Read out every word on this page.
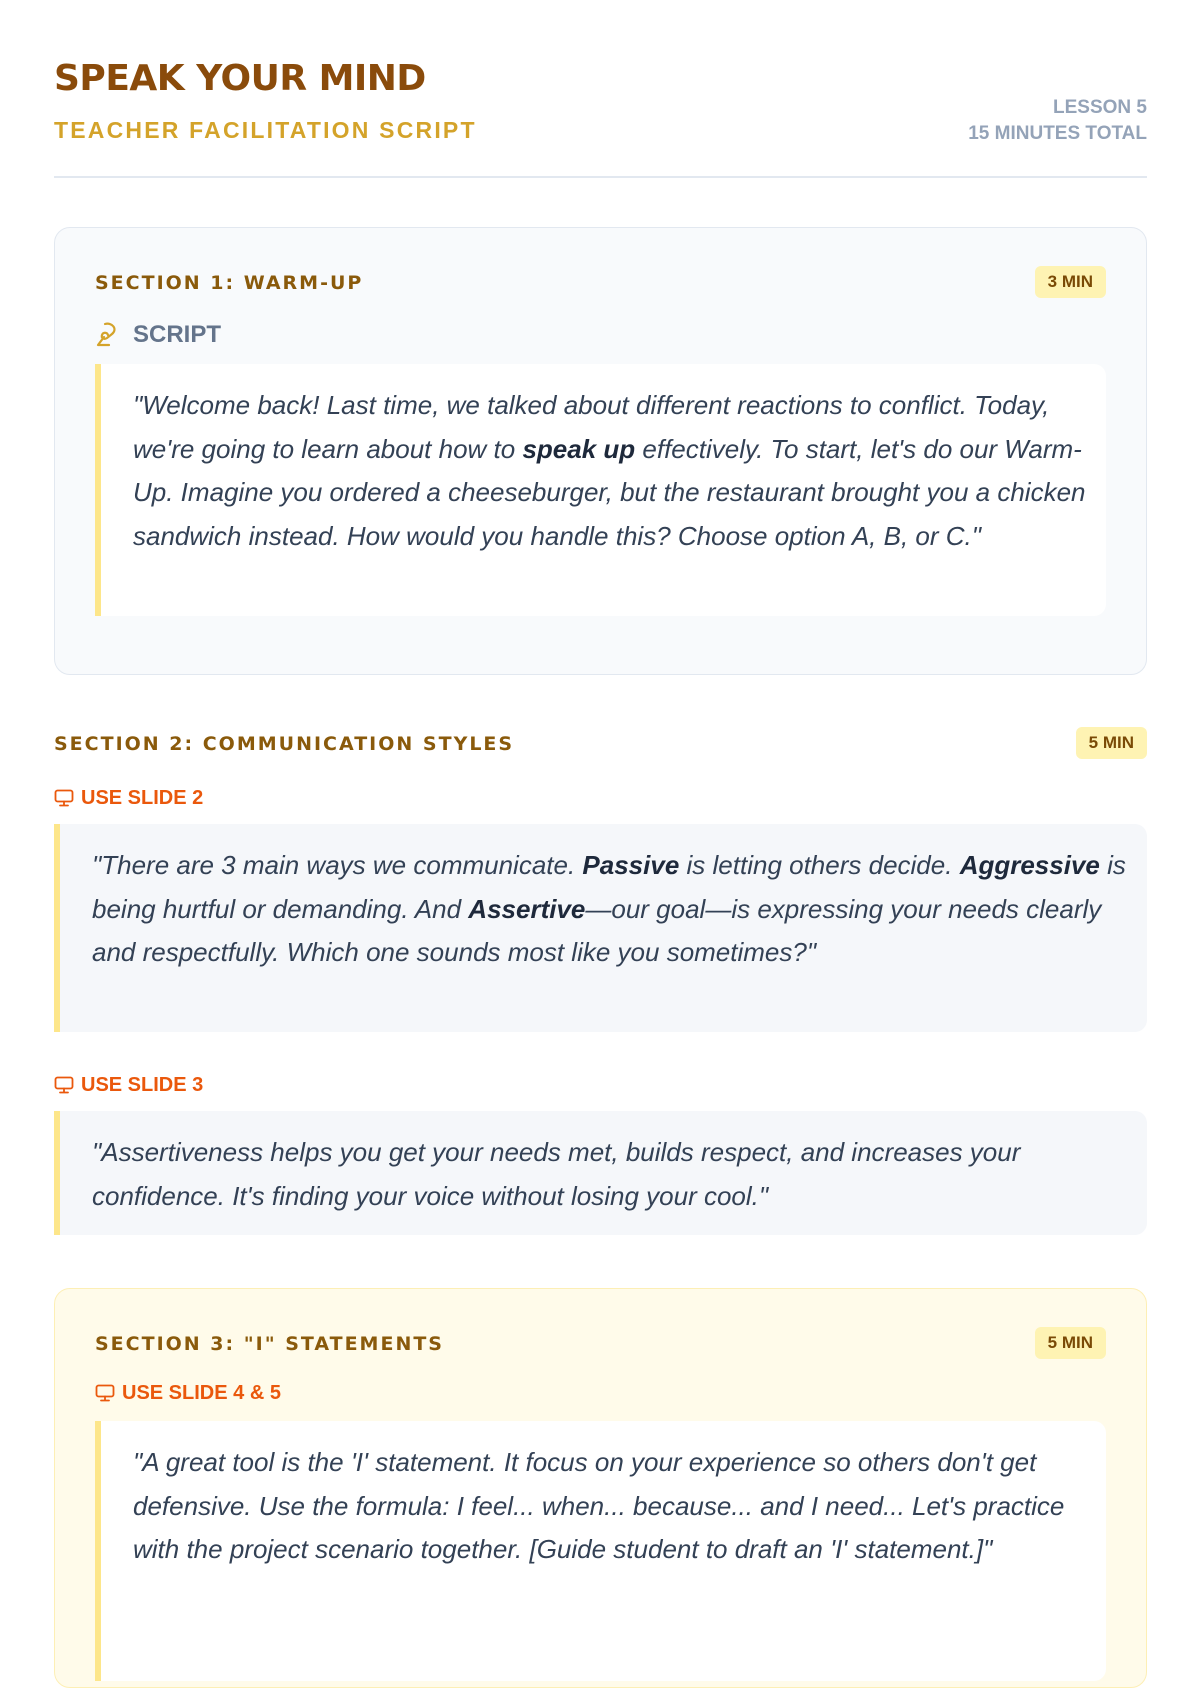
SPEAK YOUR MIND
TEACHER FACILITATION SCRIPT
LESSON 5
15 MINUTES TOTAL
SECTION 1: WARM-UP	3 MIN
SCRIPT
"Welcome back! Last time, we talked about different reactions to conflict. Today, we're going to learn about how to speak up effectively. To start, let's do our Warm-Up. Imagine you ordered a cheeseburger, but the restaurant brought you a chicken sandwich instead. How would you handle this? Choose option A, B, or C."
SECTION 2: COMMUNICATION STYLES	5 MIN
USE SLIDE 2
"There are 3 main ways we communicate. Passive is letting others decide. Aggressive is being hurtful or demanding. And Assertive—our goal—is expressing your needs clearly and respectfully. Which one sounds most like you sometimes?"
USE SLIDE 3
"Assertiveness helps you get your needs met, builds respect, and increases your confidence. It's finding your voice without losing your cool."
SECTION 3: "I" STATEMENTS	5 MIN
USE SLIDE 4 & 5
"A great tool is the 'I' statement. It focus on your experience so others don't get defensive. Use the formula: I feel... when... because... and I need... Let's practice with the project scenario together. [Guide student to draft an 'I' statement.]"
